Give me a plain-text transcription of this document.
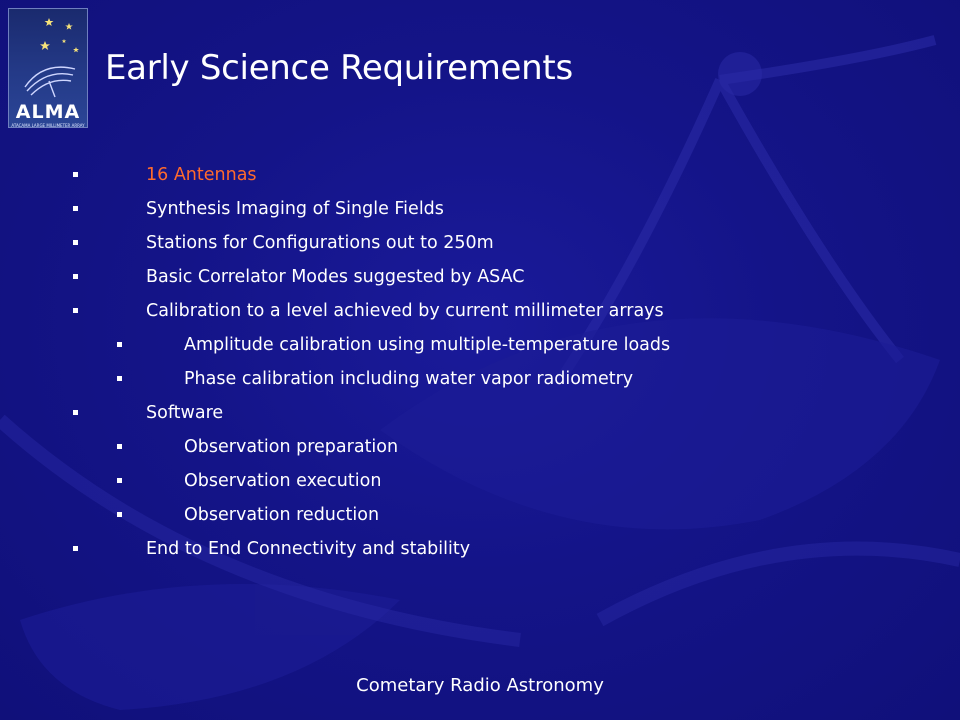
ALMA
ATACAMA LARGE MILLIMETER ARRAY
Early Science Requirements
16 Antennas
Synthesis Imaging of Single Fields
Stations for Configurations out to 250m
Basic Correlator Modes suggested by ASAC
Calibration to a level achieved by current millimeter arrays
Amplitude calibration using multiple-temperature loads
Phase calibration including water vapor radiometry
Software
Observation preparation
Observation execution
Observation reduction
End to End Connectivity and stability
Cometary Radio Astronomy
